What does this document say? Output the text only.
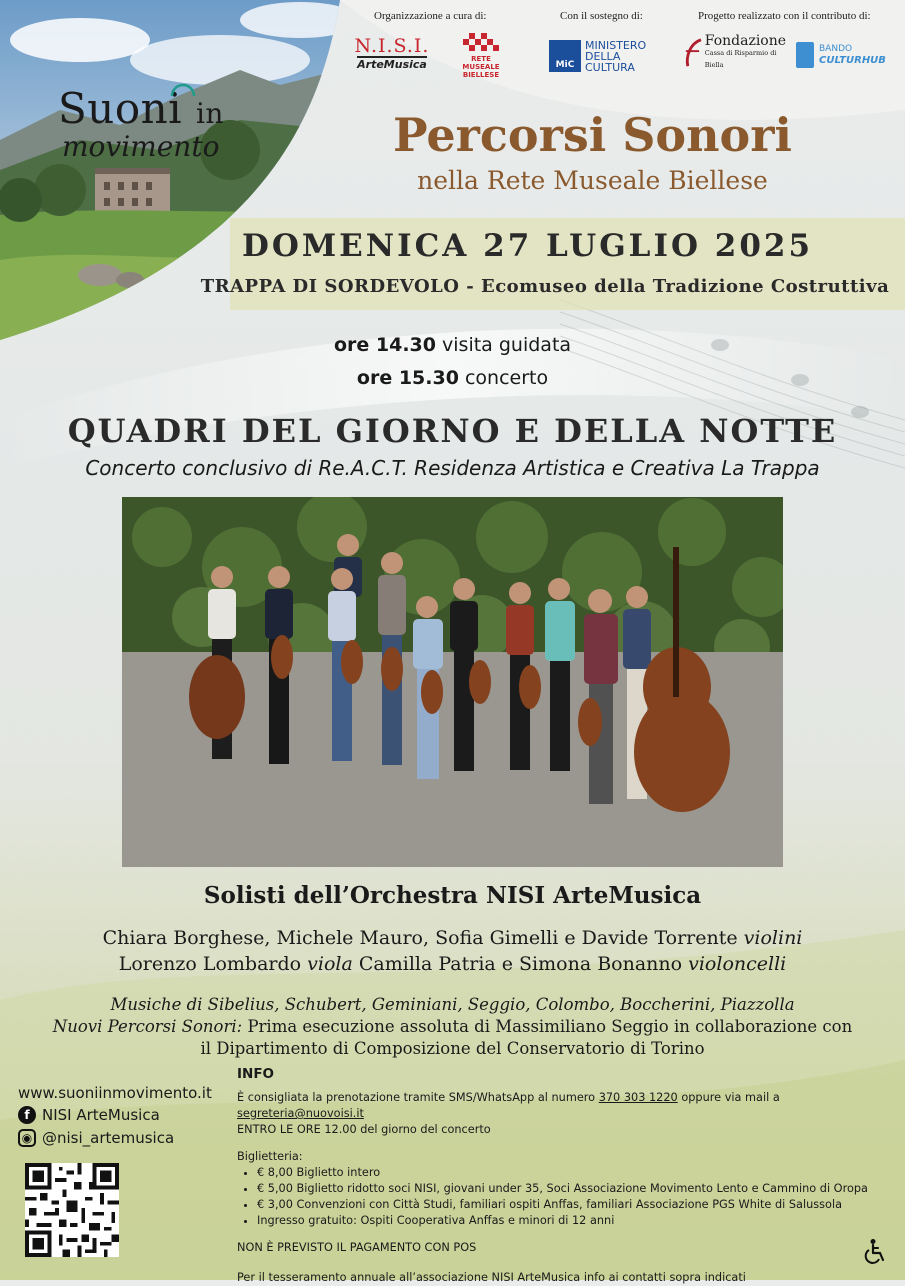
Suoni in
movimento
Organizzazione a cura di:	Con il sostegno di:	Progetto realizzato con il contributo di:
N.I.S.I.
ArteMusica	RETE
MUSEALE
BIELLESE
MiC
MINISTERO
DELLA
CULTURA
Fondazione
Cassa di Risparmio di Biella
BANDO
CULTURHUB
Percorsi Sonori
nella Rete Museale Biellese
DOMENICA 27 LUGLIO 2025
TRAPPA DI SORDEVOLO - Ecomuseo della Tradizione Costruttiva
ore 14.30 visita guidata
ore 15.30 concerto
QUADRI DEL GIORNO E DELLA NOTTE
Concerto conclusivo di Re.A.C.T. Residenza Artistica e Creativa La Trappa
Solisti dell’Orchestra NISI ArteMusica
Chiara Borghese, Michele Mauro, Sofia Gimelli e Davide Torrente violini
Lorenzo Lombardo viola Camilla Patria e Simona Bonanno violoncelli
Musiche di Sibelius, Schubert, Geminiani, Seggio, Colombo, Boccherini, Piazzolla
Nuovi Percorsi Sonori: Prima esecuzione assoluta di Massimiliano Seggio in collaborazione con
il Dipartimento di Composizione del Conservatorio di Torino
www.suoniinmovimento.it
f NISI ArteMusica
◉ @nisi_artemusica
INFO

È consigliata la prenotazione tramite SMS/WhatsApp al numero 370 303 1220 oppure via mail a segreteria@nuovoisi.it

ENTRO LE ORE 12.00 del giorno del concerto

Biglietteria:

• € 8,00 Biglietto intero
• € 5,00 Biglietto ridotto soci NISI, giovani under 35, Soci Associazione Movimento Lento e Cammino di Oropa
• € 3,00 Convenzioni con Città Studi, familiari ospiti Anffas, familiari Associazione PGS White di Salussola
• Ingresso gratuito: Ospiti Cooperativa Anffas e minori di 12 anni

NON È PREVISTO IL PAGAMENTO CON POS

Per il tesseramento annuale all’associazione NISI ArteMusica info ai contatti sopra indicati
